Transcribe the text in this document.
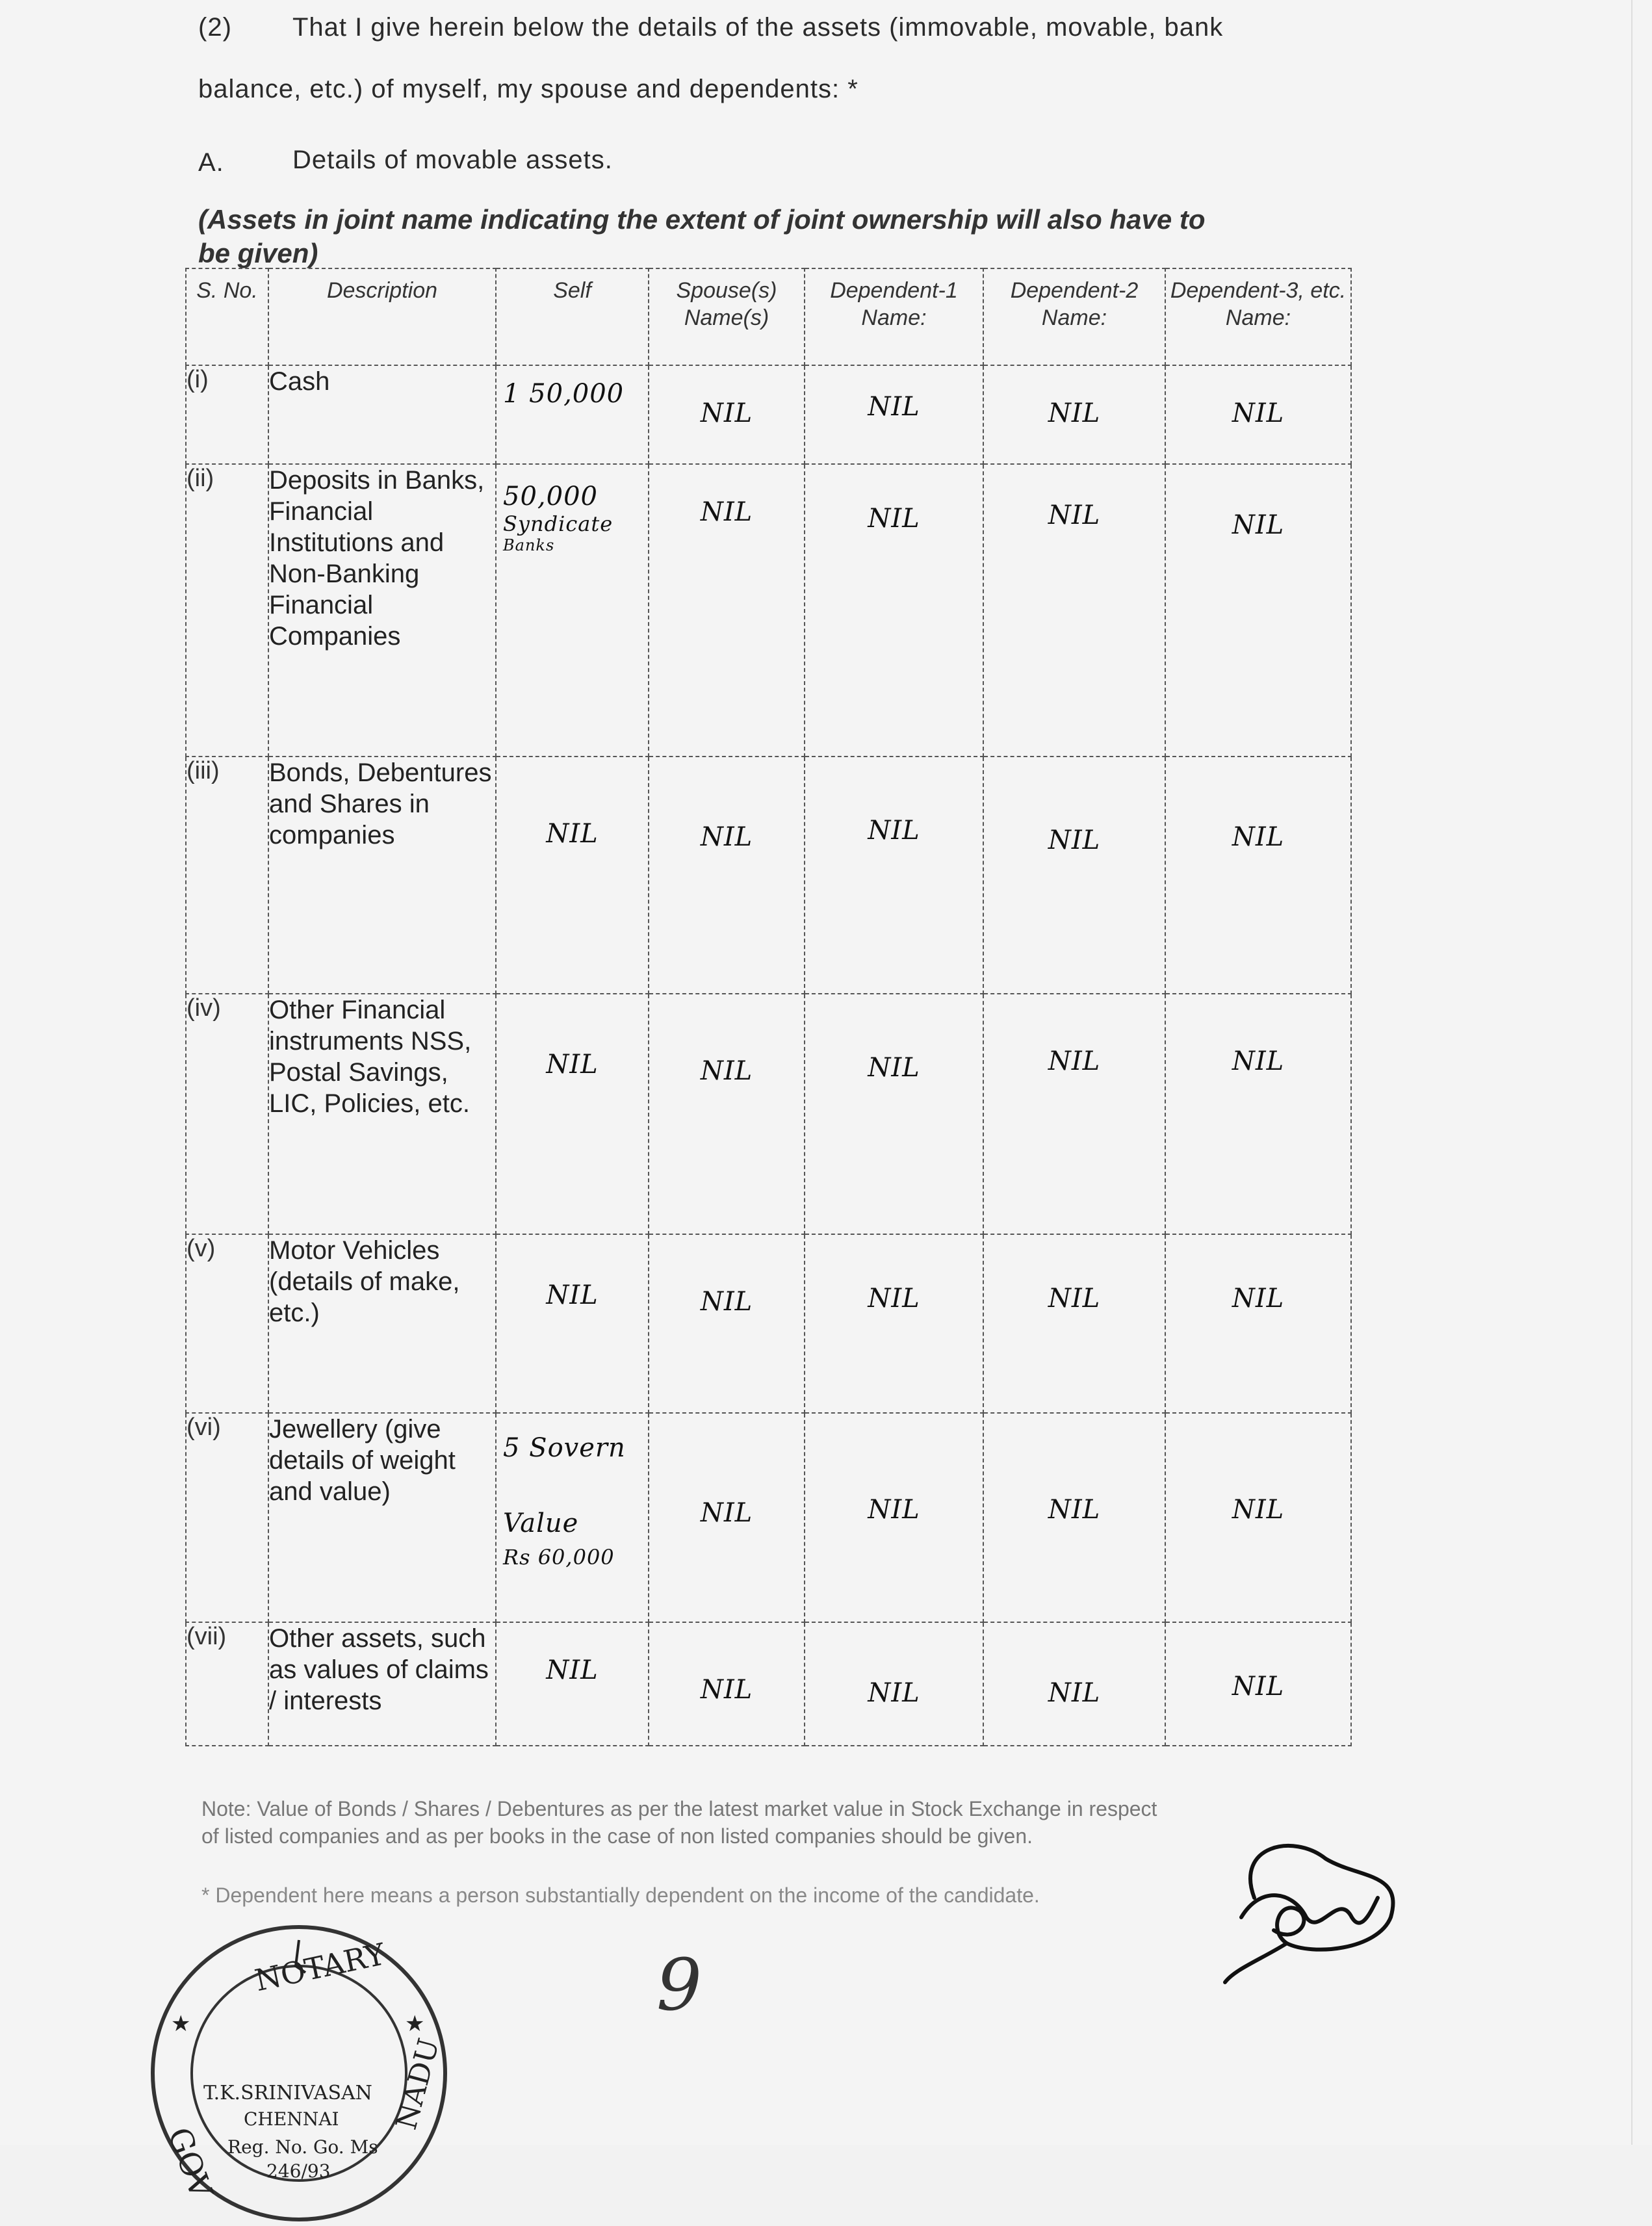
(2) That I give herein below the details of the assets (immovable, movable, bank
balance, etc.) of myself, my spouse and dependents: *
A.	Details of movable assets.
(Assets in joint name indicating the extent of joint ownership will also have to
be given)
S. No.	Description	Self	Spouse(s) Name(s)	Dependent-1 Name:	Dependent-2 Name:	Dependent-3, etc. Name:
(i)	Cash	1 50,000	NIL	NIL	NIL	NIL

(ii)	Deposits in Banks, Financial Institutions and Non-Banking Financial Companies	50,000
Syndicate
Banks	NIL	NIL	NIL	NIL

(iii)	Bonds, Debentures and Shares in companies	NIL	NIL	NIL	NIL	NIL

(iv)	Other Financial instruments NSS, Postal Savings, LIC, Policies, etc.	NIL	NIL	NIL	NIL	NIL

(v)	Motor Vehicles (details of make, etc.)	NIL	NIL	NIL	NIL	NIL

(vi)	Jewellery (give details of weight and value)	5 Sovern
Value
Rs 60,000	NIL	NIL	NIL	NIL

(vii)	Other assets, such as values of claims / interests	NIL	NIL	NIL	NIL	NIL
Note: Value of Bonds / Shares / Debentures as per the latest market value in Stock Exchange in respect
of listed companies and as per books in the case of non listed companies should be given.
* Dependent here means a person substantially dependent on the income of the candidate.
9
NOTARY
T.K.SRINIVASAN
CHENNAI
Reg. No. Go. Ms
246/93
GOV
NADU
★	★
